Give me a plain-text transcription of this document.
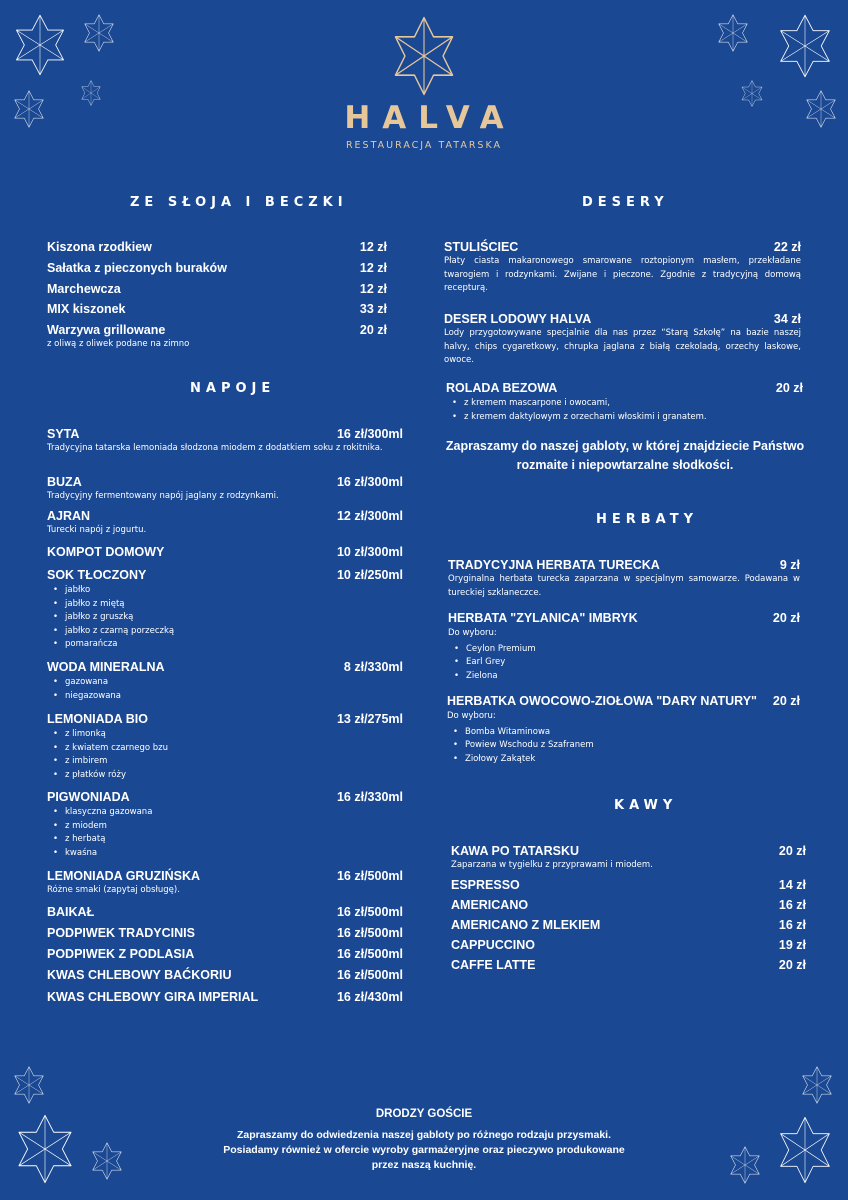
HALVA
RESTAURACJA TATARSKA
ZE SŁOJA I BECZKI
NAPOJE
DESERY
HERBATY
KAWY
Kiszona rzodkiew	12 zł
Sałatka z pieczonych buraków	12 zł
Marchewcza	12 zł
MIX kiszonek	33 zł
Warzywa grillowane	20 zł
z oliwą z oliwek podane na zimno
SYTA	16 zł/300ml
Tradycyjna tatarska lemoniada słodzona miodem z dodatkiem soku z rokitnika.
BUZA	16 zł/300ml
Tradycyjny fermentowany napój jaglany z rodzynkami.
AJRAN	12 zł/300ml
Turecki napój z jogurtu.
KOMPOT DOMOWY	10 zł/300ml
SOK TŁOCZONY	10 zł/250ml
• jabłko
• jabłko z miętą
• jabłko z gruszką
• jabłko z czarną porzeczką
• pomarańcza
WODA MINERALNA	8 zł/330ml
• gazowana
• niegazowana
LEMONIADA BIO	13 zł/275ml
• z limonką
• z kwiatem czarnego bzu
• z imbirem
• z płatków róży
PIGWONIADA	16 zł/330ml
• klasyczna gazowana
• z miodem
• z herbatą
• kwaśna
LEMONIADA GRUZIŃSKA	16 zł/500ml
Różne smaki (zapytaj obsługę).
BAIKAŁ	16 zł/500ml
PODPIWEK TRADYCINIS	16 zł/500ml
PODPIWEK Z PODLASIA	16 zł/500ml
KWAS CHLEBOWY BAĆKORIU	16 zł/500ml
KWAS CHLEBOWY GIRA IMPERIAL	16 zł/430ml
STULIŚCIEC	22 zł
Płaty ciasta makaronowego smarowane roztopionym masłem, przekładane twarogiem i rodzynkami. Zwijane i pieczone. Zgodnie z tradycyjną domową recepturą.
DESER LODOWY HALVA	34 zł
Lody przygotowywane specjalnie dla nas przez “Starą Szkołę” na bazie naszej halvy, chips cygaretkowy, chrupka jaglana z białą czekoladą, orzechy laskowe, owoce.
ROLADA BEZOWA	20 zł
• z kremem mascarpone i owocami,
• z kremem daktylowym z orzechami włoskimi i granatem.
Zapraszamy do naszej gabloty, w której znajdziecie Państwo rozmaite i niepowtarzalne słodkości.
TRADYCYJNA HERBATA TURECKA	9 zł
Oryginalna herbata turecka zaparzana w specjalnym samowarze. Podawana w tureckiej szklaneczce.
HERBATA "ZYLANICA" IMBRYK	20 zł
Do wyboru:
• Ceylon Premium
• Earl Grey
• Zielona
HERBATKA OWOCOWO-ZIOŁOWA "DARY NATURY" 20 zł
Do wyboru:
• Bomba Witaminowa
• Powiew Wschodu z Szafranem
• Ziołowy Zakątek
KAWA PO TATARSKU	20 zł
Zaparzana w tygielku z przyprawami i miodem.
ESPRESSO	14 zł
AMERICANO	16 zł
AMERICANO Z MLEKIEM	16 zł
CAPPUCCINO	19 zł
CAFFE LATTE	20 zł
DRODZY GOŚCIE
Zapraszamy do odwiedzenia naszej gabloty po różnego rodzaju przysmaki. Posiadamy również w ofercie wyroby garmażeryjne oraz pieczywo produkowane przez naszą kuchnię.
